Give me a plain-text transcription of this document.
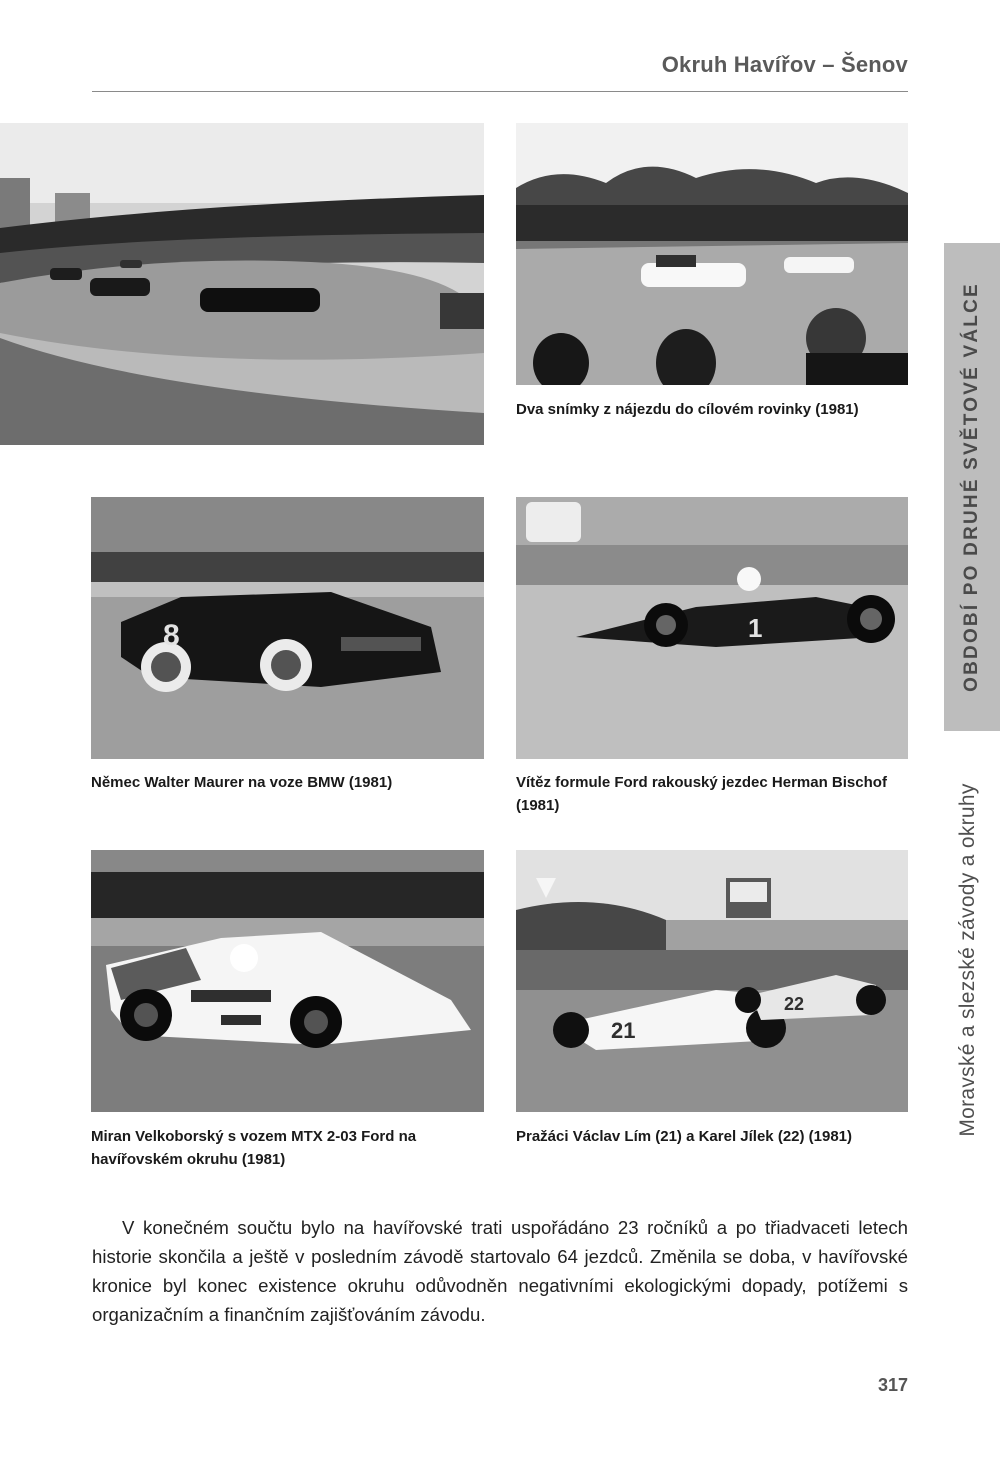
Okruh Havířov – Šenov
Dva snímky z nájezdu do cílovém rovinky (1981)
8
Němec Walter Maurer na voze BMW (1981)
1
Vítěz formule Ford rakouský jezdec Herman Bischof (1981)
Miran Velkoborský s vozem MTX 2-03 Ford na havířovském okruhu (1981)
21
22
Pražáci Václav Lím (21) a Karel Jílek (22) (1981)
OBDOBÍ PO DRUHÉ SVĚTOVÉ VÁLCE
Moravské a slezské závody a okruhy

V konečném součtu bylo na havířovské trati uspořádáno 23 ročníků a po třiadvaceti letech historie skončila a ještě v posledním závodě startovalo 64 jezdců. Změnila se doba, v havířovské kronice byl konec existence okruhu odůvodněn negativními ekologickými dopady, potížemi s organizačním a finančním zajišťováním závodu.

317
